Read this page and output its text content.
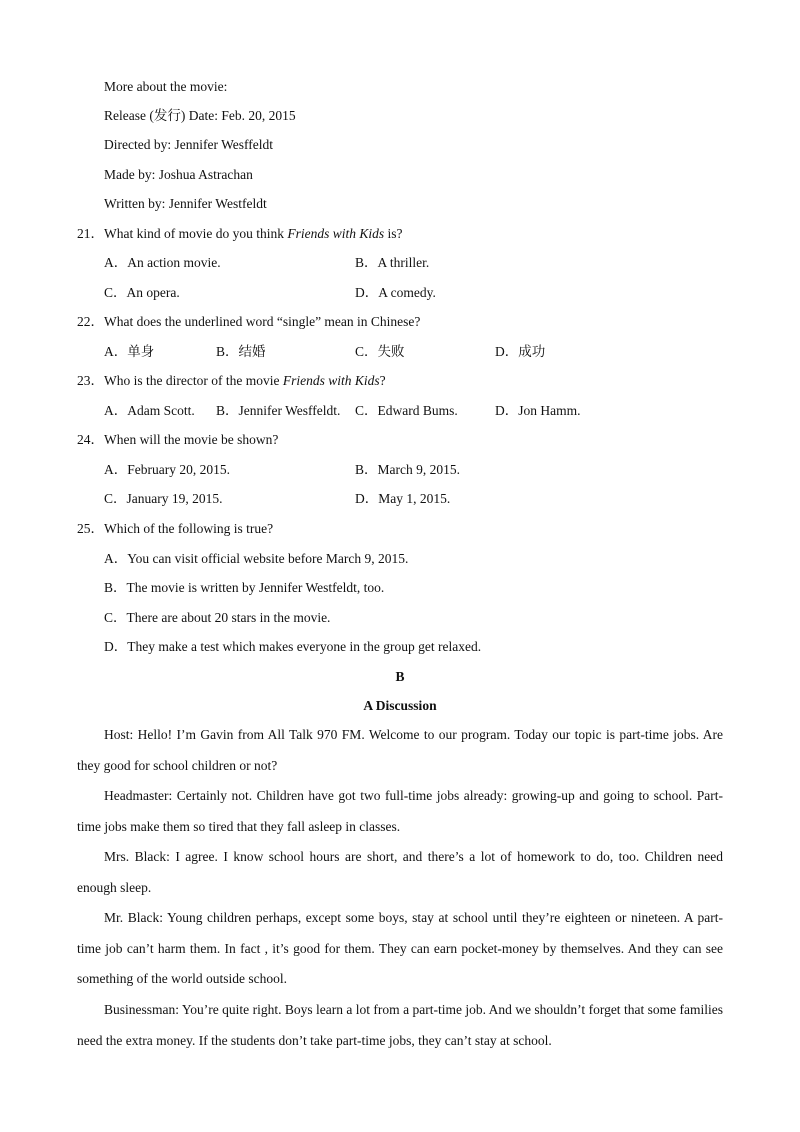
More about the movie:
Release (发行) Date: Feb. 20, 2015
Directed by: Jennifer Wesffeldt
Made by: Joshua Astrachan
Written by: Jennifer Westfeldt
21．What kind of movie do you think Friends with Kids is?
A．An action movie.	B．A thriller.
C．An opera.	D．A comedy.
22．What does the underlined word “single” mean in Chinese?
A．单身	B．结婚	C．失败	D．成功
23．Who is the director of the movie Friends with Kids?
A．Adam Scott. B．Jennifer Wesffeldt. C．Edward Bums.	D．Jon Hamm.
24．When will the movie be shown?
A．February 20, 2015.	B．March 9, 2015.
C．January 19, 2015.	D．May 1, 2015.
25．Which of the following is true?
A．You can visit official website before March 9, 2015.
B．The movie is written by Jennifer Westfeldt, too.
C．There are about 20 stars in the movie.
D．They make a test which makes everyone in the group get relaxed.
B
A Discussion

Host: Hello! I’m Gavin from All Talk 970 FM. Welcome to our program. Today our topic is part-time jobs. Are they good for school children or not?

Headmaster: Certainly not. Children have got two full-time jobs already: growing-up and going to school. Part-time jobs make them so tired that they fall asleep in classes.

Mrs. Black: I agree. I know school hours are short, and there’s a lot of homework to do, too. Children need enough sleep.

Mr. Black: Young children perhaps, except some boys, stay at school until they’re eighteen or nineteen. A part-time job can’t harm them. In fact , it’s good for them. They can earn pocket-money by themselves. And they can see something of the world outside school.

Businessman: You’re quite right. Boys learn a lot from a part-time job. And we shouldn’t forget that some families need the extra money. If the students don’t take part-time jobs, they can’t stay at school.
